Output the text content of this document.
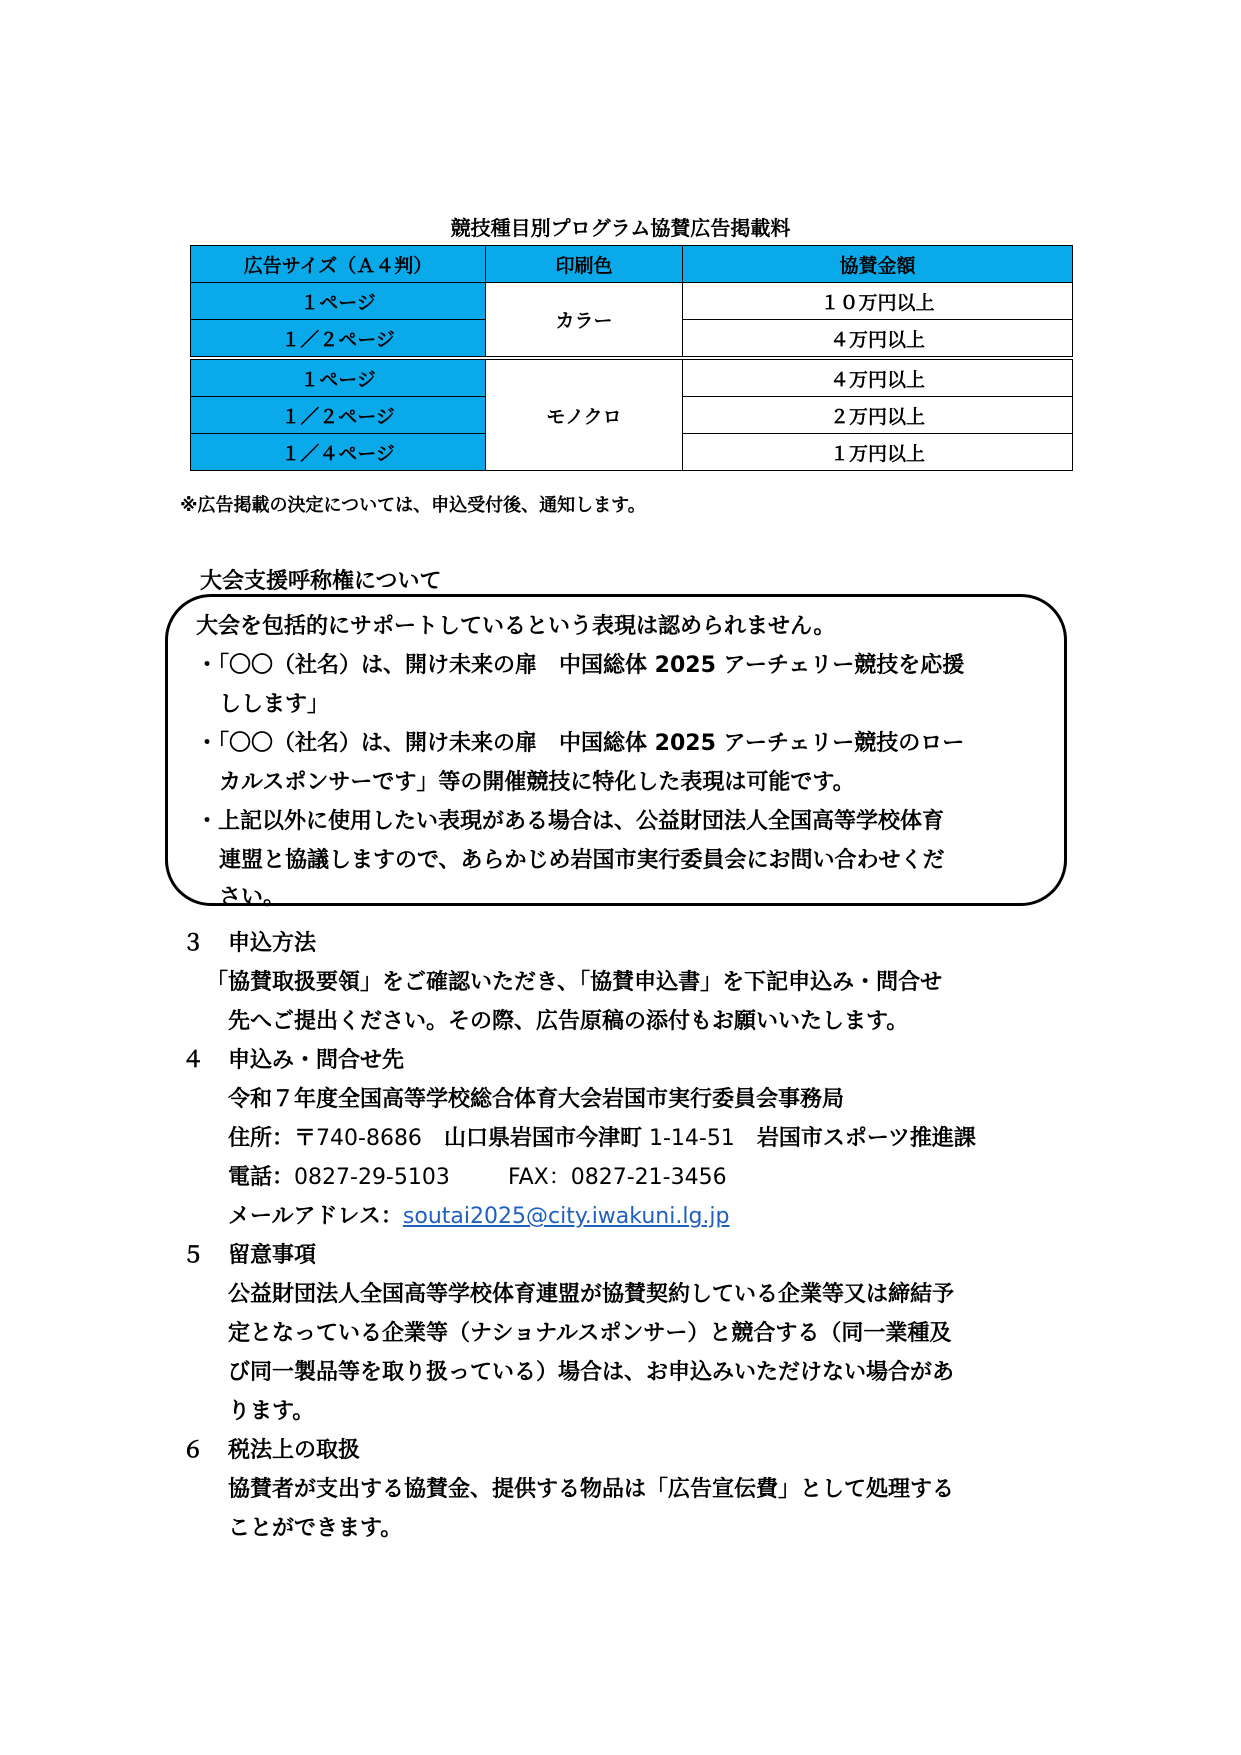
競技種目別プログラム協賛広告掲載料
広告サイズ（Ａ４判）	印刷色	協賛金額
１ページ	カラー	１０万円以上
１／２ページ		４万円以上

１ページ	モノクロ	４万円以上
１／２ページ		２万円以上
１／４ページ		１万円以上
※広告掲載の決定については、申込受付後、通知します。
大会支援呼称権について
大会を包括的にサポートしているという表現は認められません。
・「〇〇（社名）は、開け未来の扉　中国総体 2025 アーチェリー競技を応援
しします」
・「〇〇（社名）は、開け未来の扉　中国総体 2025 アーチェリー競技のロー
カルスポンサーです」等の開催競技に特化した表現は可能です。
・上記以外に使用したい表現がある場合は、公益財団法人全国高等学校体育
連盟と協議しますので、あらかじめ岩国市実行委員会にお問い合わせくだ
さい。
３ 申込方法
「協賛取扱要領」をご確認いただき、「協賛申込書」を下記申込み・問合せ
先へご提出ください。その際、広告原稿の添付もお願いいたします。
４ 申込み・問合せ先
令和７年度全国高等学校総合体育大会岩国市実行委員会事務局
住所：〒740-8686　山口県岩国市今津町 1-14-51　岩国市スポーツ推進課
電話：0827-29-5103	FAX：0827-21-3456
メールアドレス：soutai2025@city.iwakuni.lg.jp
５ 留意事項
公益財団法人全国高等学校体育連盟が協賛契約している企業等又は締結予
定となっている企業等（ナショナルスポンサー）と競合する（同一業種及
び同一製品等を取り扱っている）場合は、お申込みいただけない場合があ
ります。
６ 税法上の取扱
協賛者が支出する協賛金、提供する物品は「広告宣伝費」として処理する
ことができます。
